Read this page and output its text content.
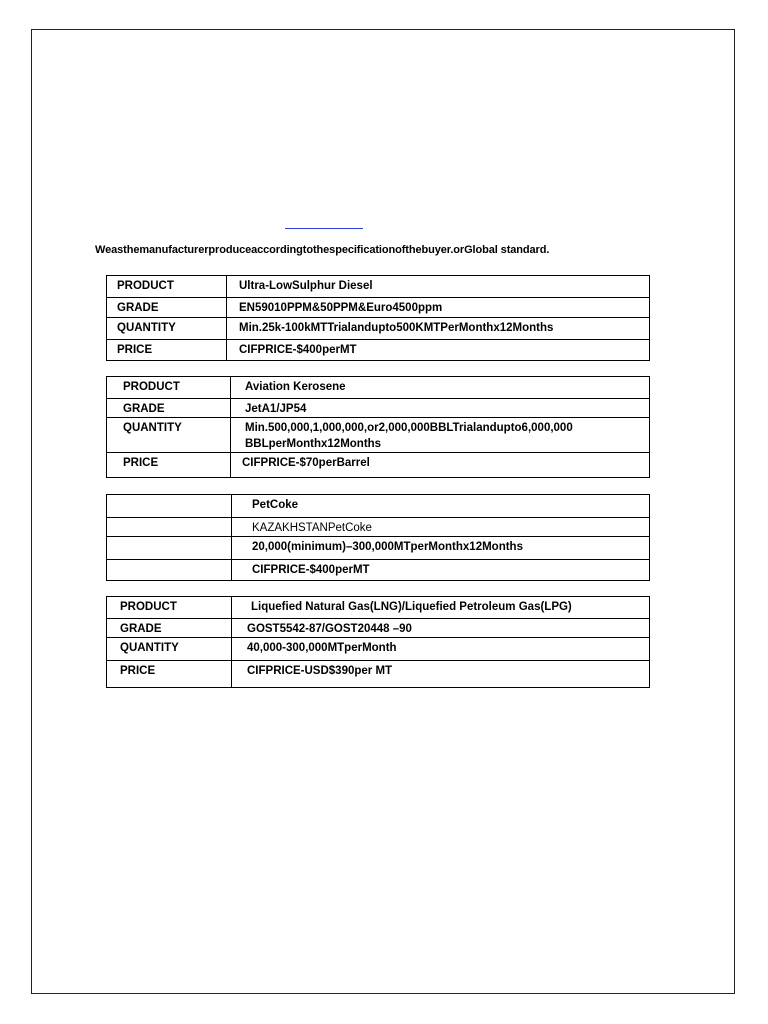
Weasthemanufacturerproduceaccordingtothespecificationofthebuyer.orGlobal standard.
PRODUCT	Ultra-LowSulphur Diesel
GRADE	EN59010PPM&50PPM&Euro4500ppm
QUANTITY	Min.25k-100kMTTrialandupto500KMTPerMonthx12Months
PRICE	CIFPRICE-$400perMT
PRODUCT	Aviation Kerosene
GRADE	JetA1/JP54
QUANTITY	Min.500,000,1,000,000,or2,000,000BBLTrialandupto6,000,000
BBLperMonthx12Months

PRICE	CIFPRICE-$70perBarrel
	PetCoke
	KAZAKHSTANPetCoke
	20,000(minimum)–300,000MTperMonthx12Months
	CIFPRICE-$400perMT
PRODUCT	Liquefied Natural Gas(LNG)/Liquefied Petroleum Gas(LPG)
GRADE	GOST5542-87/GOST20448 –90
QUANTITY	40,000-300,000MTperMonth
PRICE	CIFPRICE-USD$390per MT
